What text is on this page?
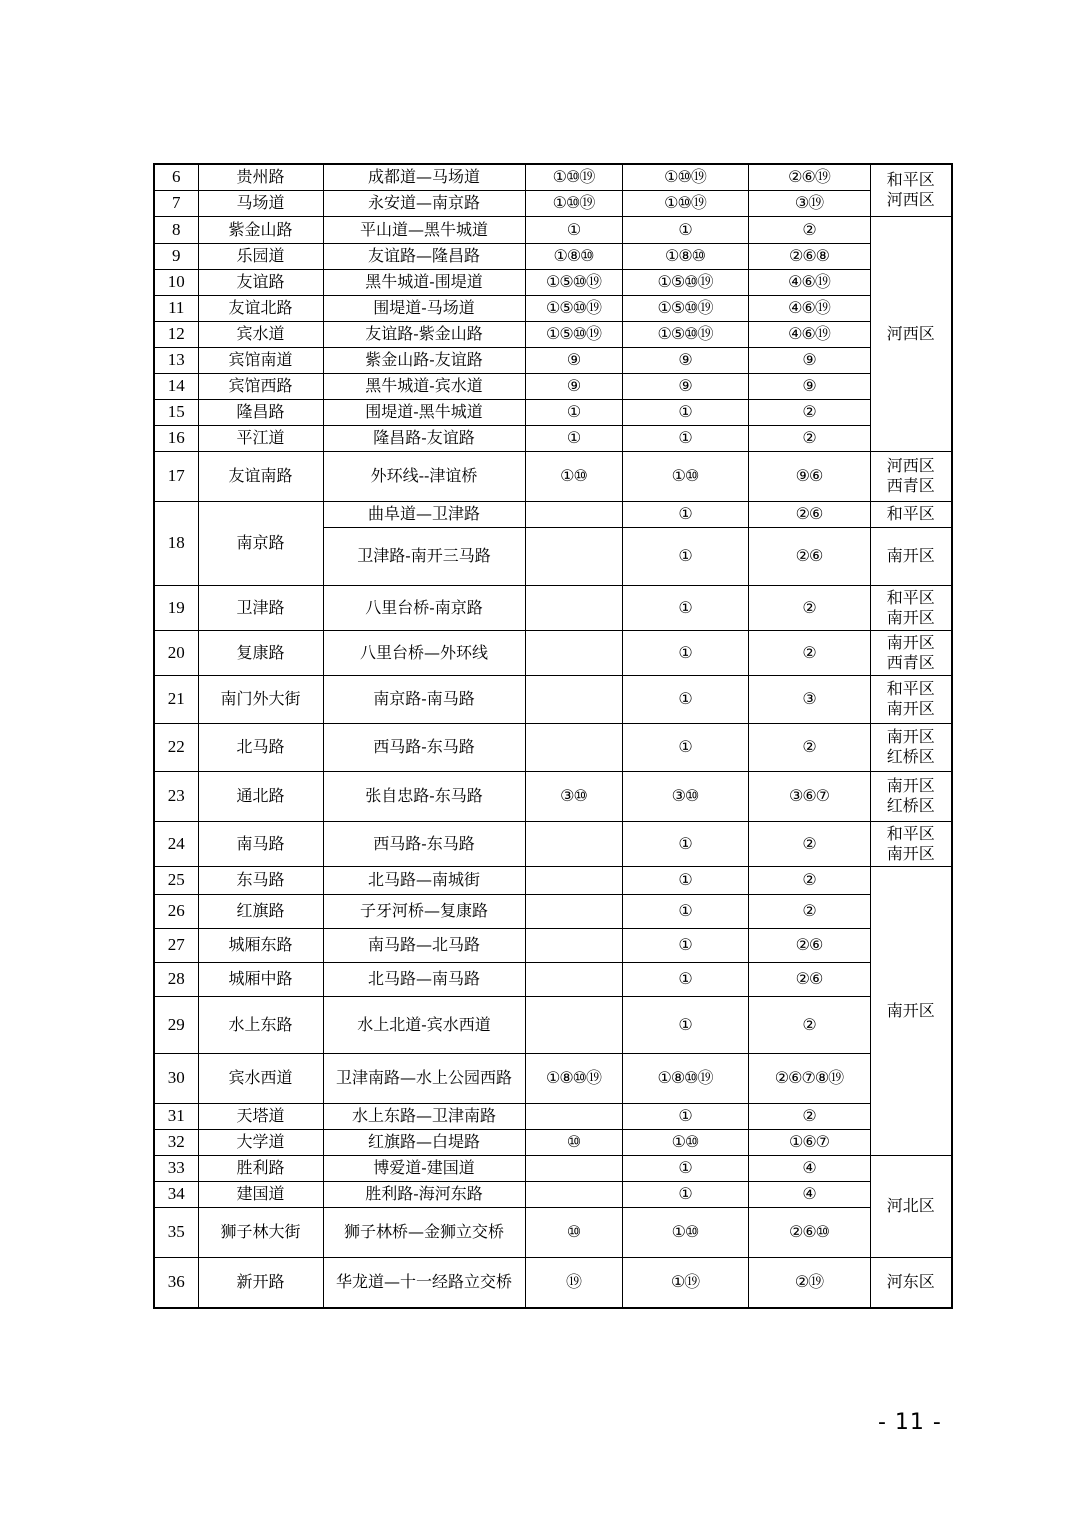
6	贵州路	成都道—马场道	①⑩⑲	①⑩⑲	②⑥⑲	和平区
河西区
7	马场道	永安道—南京路	①⑩⑲	①⑩⑲	③⑲	
8	紫金山路	平山道—黑牛城道	①	①	②	河西区
9	乐园道	友谊路—隆昌路	①⑧⑩	①⑧⑩	②⑥⑧	
10	友谊路	黑牛城道-围堤道	①⑤⑩⑲	①⑤⑩⑲	④⑥⑲	
11	友谊北路	围堤道-马场道	①⑤⑩⑲	①⑤⑩⑲	④⑥⑲	
12	宾水道	友谊路-紫金山路	①⑤⑩⑲	①⑤⑩⑲	④⑥⑲	
13	宾馆南道	紫金山路-友谊路	⑨	⑨	⑨	
14	宾馆西路	黑牛城道-宾水道	⑨	⑨	⑨	
15	隆昌路	围堤道-黑牛城道	①	①	②	
16	平江道	隆昌路-友谊路	①	①	②	
17	友谊南路	外环线--津谊桥	①⑩	①⑩	⑨⑥	河西区
西青区
18	南京路	曲阜道—卫津路		①	②⑥	和平区
		卫津路-南开三马路		①	②⑥	南开区
19	卫津路	八里台桥-南京路		①	②	和平区
南开区
20	复康路	八里台桥—外环线		①	②	南开区
西青区
21	南门外大街	南京路-南马路		①	③	和平区
南开区
22	北马路	西马路-东马路		①	②	南开区
红桥区
23	通北路	张自忠路-东马路	③⑩	③⑩	③⑥⑦	南开区
红桥区
24	南马路	西马路-东马路		①	②	和平区
南开区
25	东马路	北马路—南城街		①	②	南开区
26	红旗路	子牙河桥—复康路		①	②	
27	城厢东路	南马路—北马路		①	②⑥	
28	城厢中路	北马路—南马路		①	②⑥	
29	水上东路	水上北道-宾水西道		①	②	
30	宾水西道	卫津南路—水上公园西路	①⑧⑩⑲	①⑧⑩⑲	②⑥⑦⑧⑲	
31	天塔道	水上东路—卫津南路		①	②	
32	大学道	红旗路—白堤路	⑩	①⑩	①⑥⑦	
33	胜利路	博爱道-建国道		①	④	河北区
34	建国道	胜利路-海河东路		①	④	
35	狮子林大街	狮子林桥—金狮立交桥	⑩	①⑩	②⑥⑩	
36	新开路	华龙道—十一经路立交桥	⑲	①⑲	②⑲	河东区
- 11 -
